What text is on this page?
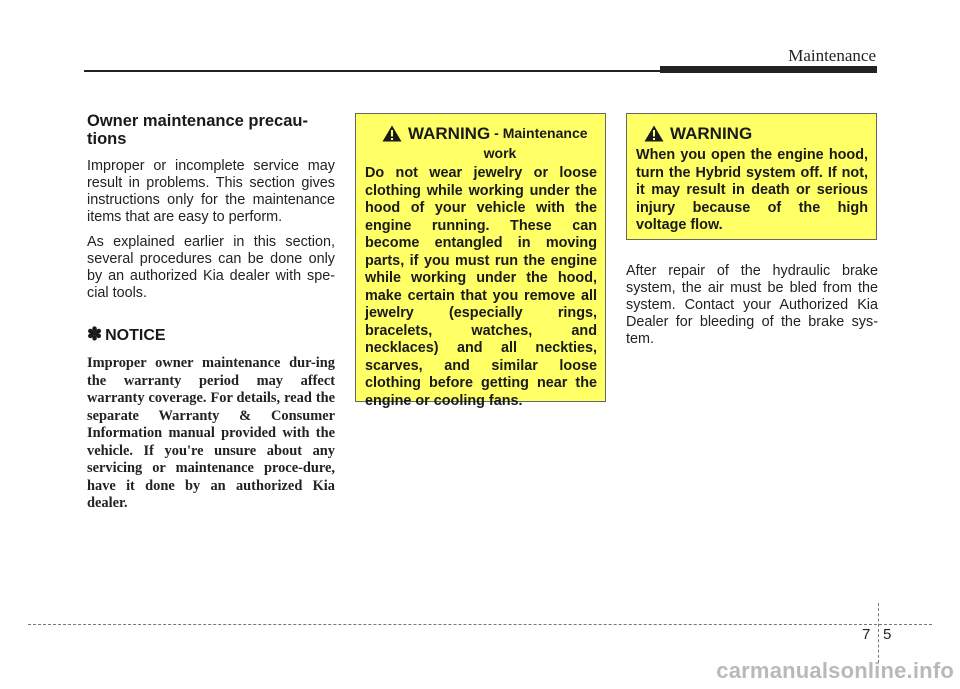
Maintenance
Owner maintenance precau-
tions

Improper or incomplete service may result in problems. This section gives instructions only for the maintenance items that are easy to perform.

As explained earlier in this section, several procedures can be done only by an authorized Kia dealer with spe-cial tools.

✽ NOTICE

Improper owner maintenance dur-ing the warranty period may affect warranty coverage. For details, read the separate Warranty & Consumer Information manual provided with the vehicle. If you're unsure about any servicing or maintenance proce-dure, have it done by an authorized Kia dealer.

WARNING - Maintenance
work

Do not wear jewelry or loose clothing while working under the hood of your vehicle with the engine running. These can become entangled in moving parts, if you must run the engine while working under the hood, make certain that you remove all jewelry (especially rings, bracelets, watches, and necklaces) and all neckties, scarves, and similar loose clothing before getting near the engine or cooling fans.

WARNING

When you open the engine hood, turn the Hybrid system off. If not, it may result in death or serious injury because of the high voltage flow.

After repair of the hydraulic brake system, the air must be bled from the system. Contact your Authorized Kia Dealer for bleeding of the brake sys-tem.

7 5
carmanualsonline.info
